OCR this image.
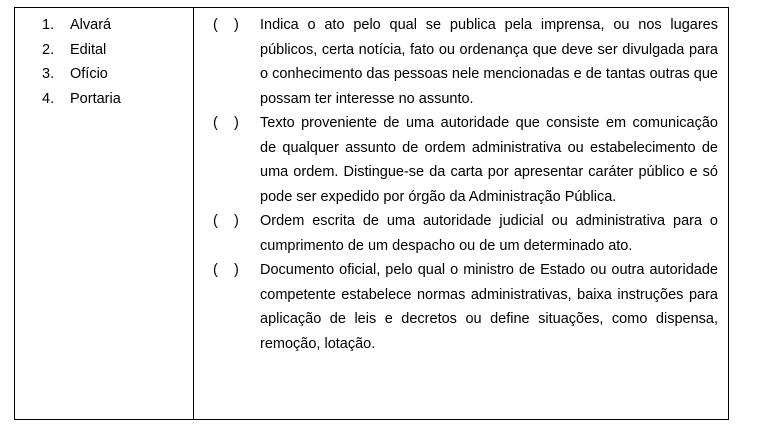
1. Alvará
2. Edital
3. Ofício
4. Portaria
(    ) Indica o ato pelo qual se publica pela imprensa, ou nos lugares públicos, certa notícia, fato ou ordenança que deve ser divulgada para o conhecimento das pessoas nele mencionadas e de tantas outras que possam ter interesse no assunto.
(    ) Texto proveniente de uma autoridade que consiste em comunicação de qualquer assunto de ordem administrativa ou estabelecimento de uma ordem. Distingue-se da carta por apresentar caráter público e só pode ser expedido por órgão da Administração Pública.
(    ) Ordem escrita de uma autoridade judicial ou administrativa para o cumprimento de um despacho ou de um determinado ato.
(    ) Documento oficial, pelo qual o ministro de Estado ou outra autoridade competente estabelece normas administrativas, baixa instruções para aplicação de leis e decretos ou define situações, como dispensa, remoção, lotação.
